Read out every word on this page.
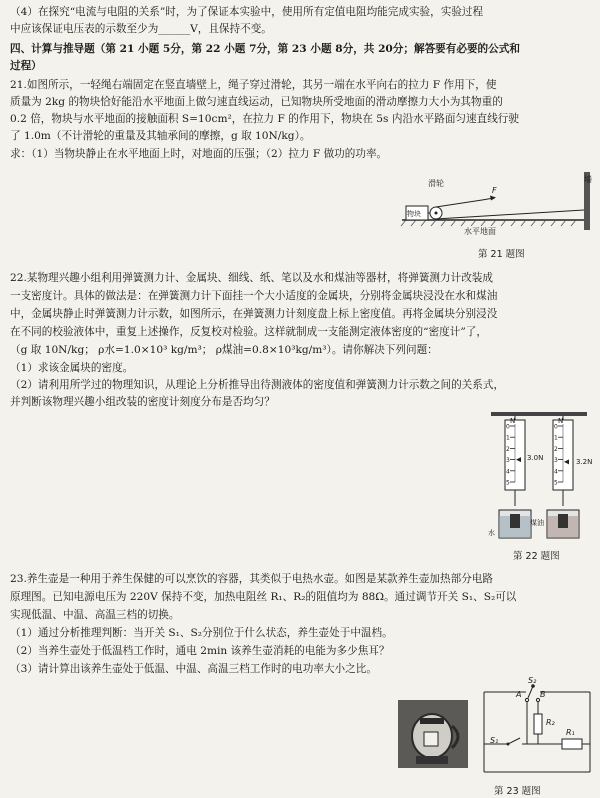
（4）在探究“电流与电阻的关系”时，为了保证本实验中，使用所有定值电阻均能完成实验，实验过程
中应该保证电压表的示数至少为______V，且保持不变。
四、计算与推导题（第 21 小题 5分，第 22 小题 7分，第 23 小题 8分，共 20分；解答要有必要的公式和
过程）
21.如图所示，一轻绳右端固定在竖直墙壁上，绳子穿过滑轮，其另一端在水平向右的拉力 F 作用下，使
质量为 2kg 的物块恰好能沿水平地面上做匀速直线运动，已知物块所受地面的滑动摩擦力大小为其物重的
0.2 倍，物块与水平地面的接触面积 S=10cm²，在拉力 F 的作用下，物块在 5s 内沿水平路面匀速直线行驶
了 1.0m（不计滑轮的重量及其轴承间的摩擦，g 取 10N/kg）。
求：（1）当物块静止在水平地面上时，对地面的压强；（2）拉力 F 做功的功率。
滑轮
F
物块
水平地面
墙
第 21 题图
22.某物理兴趣小组利用弹簧测力计、金属块、细线、纸、笔以及水和煤油等器材，将弹簧测力计改装成
一支密度计。具体的做法是：在弹簧测力计下面挂一个大小适度的金属块，分别将金属块浸没在水和煤油
中，金属块静止时弹簧测力计示数，如图所示，在弹簧测力计刻度盘上标上密度值。再将金属块分别浸没
在不同的校验液体中，重复上述操作，反复校对检验。这样就制成一支能测定液体密度的“密度计”了，
（g 取 10N/kg； ρ水=1.0×10³ kg/m³； ρ煤油=0.8×10³kg/m³）。请你解决下列问题：
（1）求该金属块的密度。
（2）请利用所学过的物理知识，从理论上分析推导出待测液体的密度值和弹簧测力计示数之间的关系式，
并判断该物理兴趣小组改装的密度计刻度分布是否均匀？
0
1
2
3
4
5
0
1
2
3
4
5
N	N
3.0N	3.2N
水
煤油
第 22 题图
23.养生壶是一种用于养生保健的可以烹饮的容器，其类似于电热水壶。如图是某款养生壶加热部分电路
原理图。已知电源电压为 220V 保持不变，加热电阻丝 R₁、R₂的阻值均为 88Ω。通过调节开关 S₁、S₂可以
实现低温、中温、高温三档的切换。
（1）通过分析推理判断：当开关 S₁、S₂分别位于什么状态，养生壶处于中温档。
（2）当养生壶处于低温档工作时，通电 2min 该养生壶消耗的电能为多少焦耳？
（3）请计算出该养生壶处于低温、中温、高温三档工作时的电功率大小之比。
S₂
A B
R₂
S₁
R₁
第 23 题图
